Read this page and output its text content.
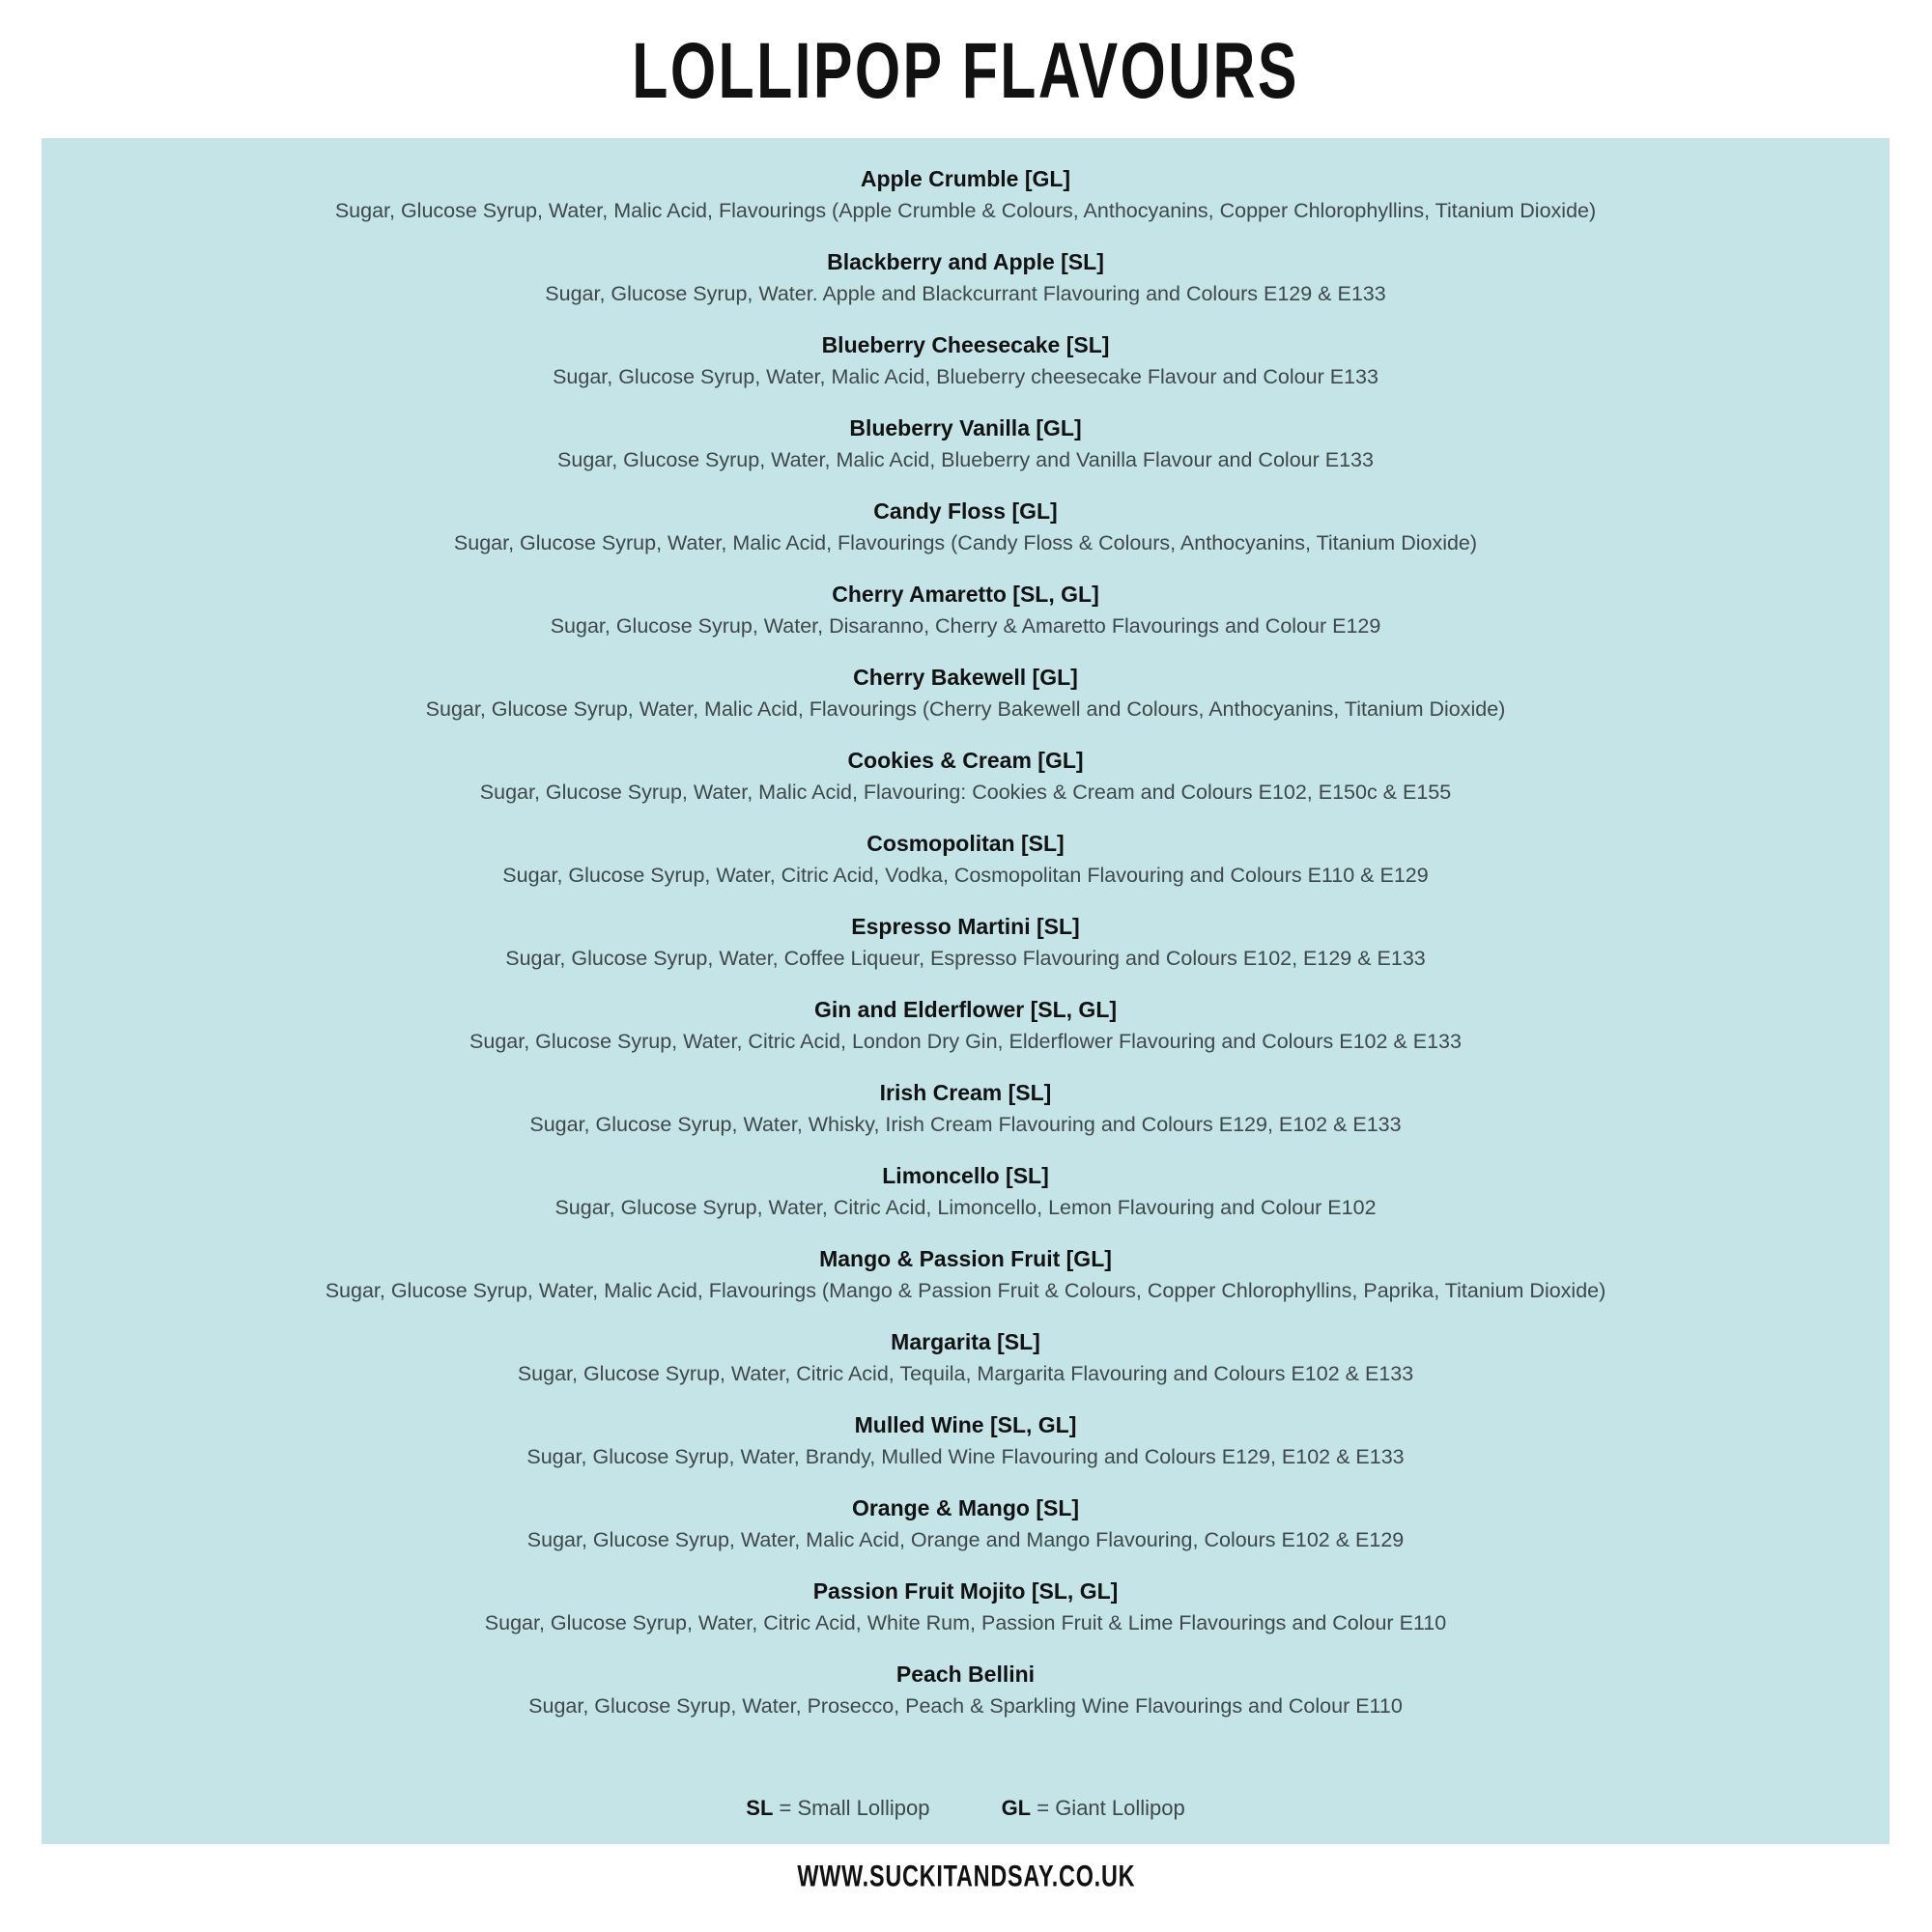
LOLLIPOP FLAVOURS
Apple Crumble [GL]
Sugar, Glucose Syrup, Water, Malic Acid, Flavourings (Apple Crumble & Colours, Anthocyanins, Copper Chlorophyllins, Titanium Dioxide)
Blackberry and Apple [SL]
Sugar, Glucose Syrup, Water. Apple and Blackcurrant Flavouring and Colours E129 & E133
Blueberry Cheesecake [SL]
Sugar, Glucose Syrup, Water, Malic Acid, Blueberry cheesecake Flavour and Colour E133
Blueberry Vanilla [GL]
Sugar, Glucose Syrup, Water, Malic Acid, Blueberry and Vanilla Flavour and Colour E133
Candy Floss [GL]
Sugar, Glucose Syrup, Water, Malic Acid, Flavourings (Candy Floss & Colours, Anthocyanins, Titanium Dioxide)
Cherry Amaretto [SL, GL]
Sugar, Glucose Syrup, Water, Disaranno, Cherry & Amaretto Flavourings and Colour E129
Cherry Bakewell [GL]
Sugar, Glucose Syrup, Water, Malic Acid, Flavourings (Cherry Bakewell and Colours, Anthocyanins, Titanium Dioxide)
Cookies & Cream [GL]
Sugar, Glucose Syrup, Water, Malic Acid, Flavouring: Cookies & Cream and Colours E102, E150c & E155
Cosmopolitan [SL]
Sugar, Glucose Syrup, Water, Citric Acid, Vodka, Cosmopolitan Flavouring and Colours E110 & E129
Espresso Martini [SL]
Sugar, Glucose Syrup, Water, Coffee Liqueur, Espresso Flavouring and Colours E102, E129 & E133
Gin and Elderflower [SL, GL]
Sugar, Glucose Syrup, Water, Citric Acid, London Dry Gin, Elderflower Flavouring and Colours E102 & E133
Irish Cream [SL]
Sugar, Glucose Syrup, Water, Whisky, Irish Cream Flavouring and Colours E129, E102 & E133
Limoncello [SL]
Sugar, Glucose Syrup, Water, Citric Acid, Limoncello, Lemon Flavouring and Colour E102
Mango & Passion Fruit [GL]
Sugar, Glucose Syrup, Water, Malic Acid, Flavourings (Mango & Passion Fruit & Colours, Copper Chlorophyllins, Paprika, Titanium Dioxide)
Margarita [SL]
Sugar, Glucose Syrup, Water, Citric Acid, Tequila, Margarita Flavouring and Colours E102 & E133
Mulled Wine [SL, GL]
Sugar, Glucose Syrup, Water, Brandy, Mulled Wine Flavouring and Colours E129, E102 & E133
Orange & Mango [SL]
Sugar, Glucose Syrup, Water, Malic Acid, Orange and Mango Flavouring, Colours E102 & E129
Passion Fruit Mojito [SL, GL]
Sugar, Glucose Syrup, Water, Citric Acid, White Rum, Passion Fruit & Lime Flavourings and Colour E110
Peach Bellini
Sugar, Glucose Syrup, Water, Prosecco, Peach & Sparkling Wine Flavourings and Colour E110
SL = Small Lollipop	GL = Giant Lollipop
WWW.SUCKITANDSAY.CO.UK
